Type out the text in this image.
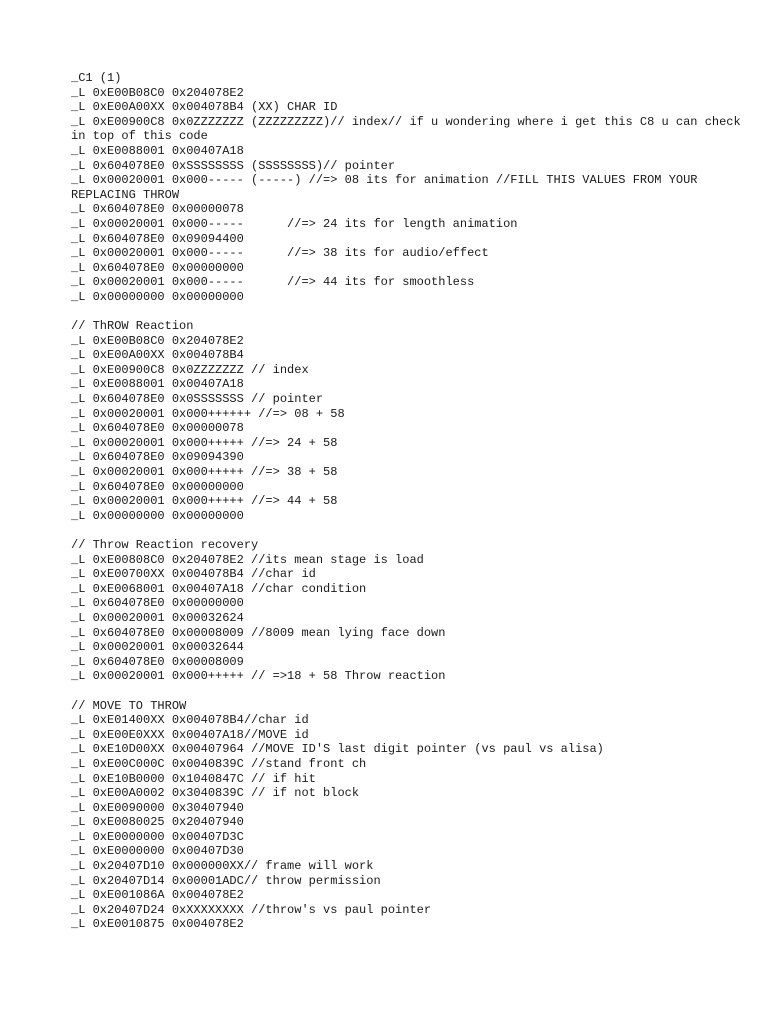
_C1 (1)
_L 0xE00B08C0 0x204078E2
_L 0xE00A00XX 0x004078B4 (XX) CHAR ID
_L 0xE00900C8 0x0ZZZZZZZ (ZZZZZZZZZ)// index// if u wondering where i get this C8 u can check in top of this code
_L 0xE0088001 0x00407A18
_L 0x604078E0 0xSSSSSSSS (SSSSSSSS)// pointer
_L 0x00020001 0x000----- (-----) //=> 08 its for animation //FILL THIS VALUES FROM YOUR REPLACING THROW
_L 0x604078E0 0x00000078
_L 0x00020001 0x000-----      //=> 24 its for length animation
_L 0x604078E0 0x09094400
_L 0x00020001 0x000-----      //=> 38 its for audio/effect
_L 0x604078E0 0x00000000
_L 0x00020001 0x000-----      //=> 44 its for smoothless
_L 0x00000000 0x00000000
// ThROW Reaction
_L 0xE00B08C0 0x204078E2
_L 0xE00A00XX 0x004078B4
_L 0xE00900C8 0x0ZZZZZZZ // index
_L 0xE0088001 0x00407A18
_L 0x604078E0 0x0SSSSSSS // pointer
_L 0x00020001 0x000++++++ //=> 08 + 58
_L 0x604078E0 0x00000078
_L 0x00020001 0x000+++++ //=> 24 + 58
_L 0x604078E0 0x09094390
_L 0x00020001 0x000+++++ //=> 38 + 58
_L 0x604078E0 0x00000000
_L 0x00020001 0x000+++++ //=> 44 + 58
_L 0x00000000 0x00000000
// Throw Reaction recovery
_L 0xE00808C0 0x204078E2 //its mean stage is load
_L 0xE00700XX 0x004078B4 //char id
_L 0xE0068001 0x00407A18 //char condition
_L 0x604078E0 0x00000000
_L 0x00020001 0x00032624
_L 0x604078E0 0x00008009 //8009 mean lying face down
_L 0x00020001 0x00032644
_L 0x604078E0 0x00008009
_L 0x00020001 0x000+++++ // =>18 + 58 Throw reaction
// MOVE TO THROW
_L 0xE01400XX 0x004078B4//char id
_L 0xE00E0XXX 0x00407A18//MOVE id
_L 0xE10D00XX 0x00407964 //MOVE ID'S last digit pointer (vs paul vs alisa)
_L 0xE00C000C 0x0040839C //stand front ch
_L 0xE10B0000 0x1040847C // if hit
_L 0xE00A0002 0x3040839C // if not block
_L 0xE0090000 0x30407940
_L 0xE0080025 0x20407940
_L 0xE0000000 0x00407D3C
_L 0xE0000000 0x00407D30
_L 0x20407D10 0x000000XX// frame will work
_L 0x20407D14 0x00001ADC// throw permission
_L 0xE001086A 0x004078E2
_L 0x20407D24 0xXXXXXXXX //throw's vs paul pointer
_L 0xE0010875 0x004078E2
